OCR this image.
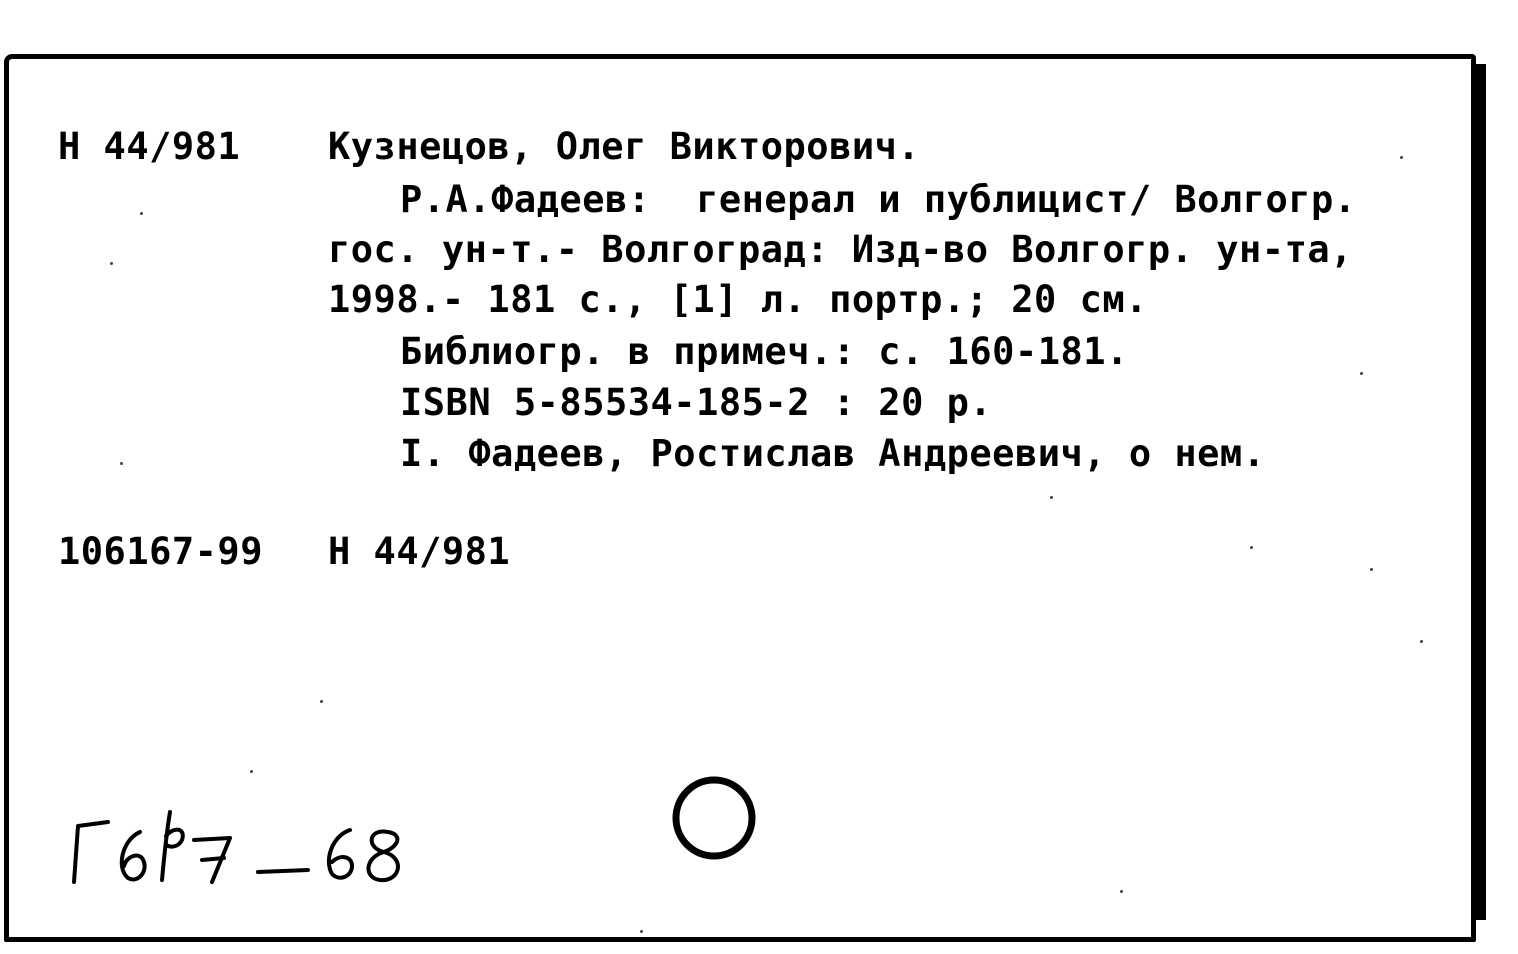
Н 44/981 Кузнецов, Олег Викторович.
Р.А.Фадеев:  генерал и публицист/ Волгогр.
гос. ун-т.- Волгоград: Изд-во Волгогр. ун-та,
1998.- 181 с., [1] л. портр.; 20 см.
Библиогр. в примеч.: с. 160-181.
ISBN 5-85534-185-2 : 20 р.
I. Фадеев, Ростислав Андреевич, о нем.
106167-99 Н 44/981
